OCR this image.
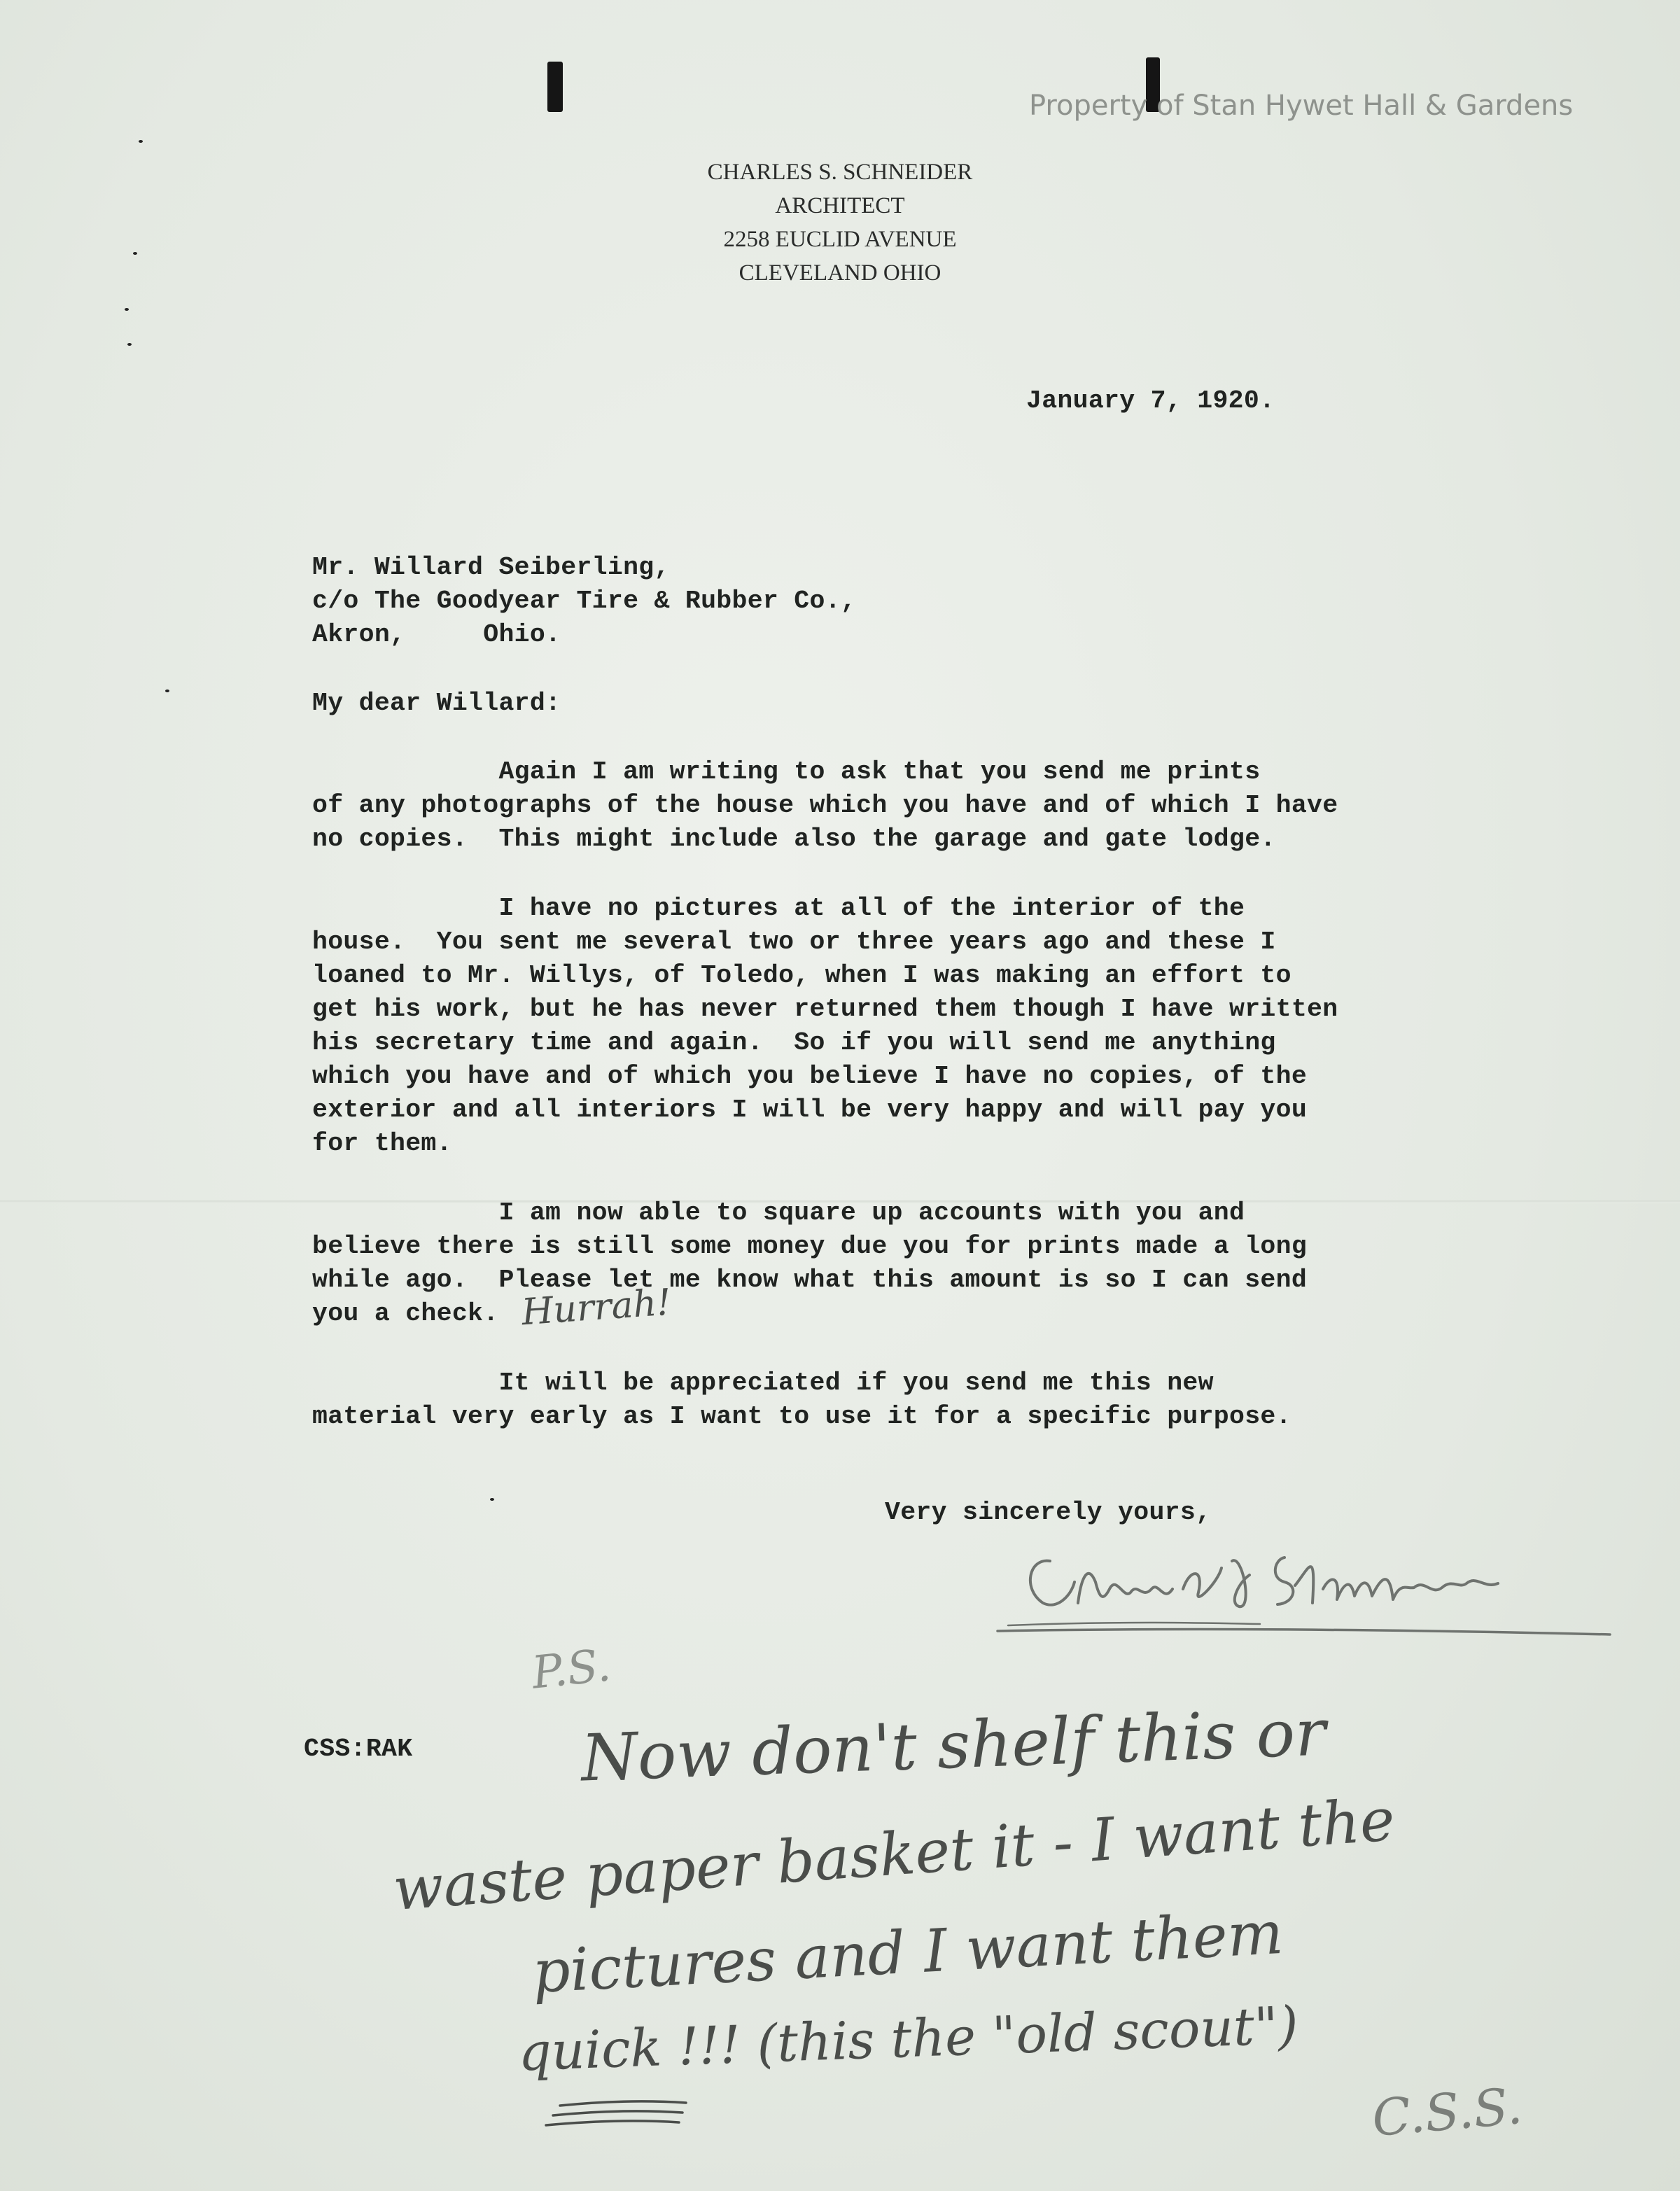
Property of Stan Hywet Hall & Gardens
CHARLES S. SCHNEIDER
ARCHITECT
2258 EUCLID AVENUE
CLEVELAND OHIO
January 7, 1920.
Mr. Willard Seiberling,
c/o The Goodyear Tire & Rubber Co.,
Akron,     Ohio.
My dear Willard:
Again I am writing to ask that you send me prints
of any photographs of the house which you have and of which I have
no copies.  This might include also the garage and gate lodge.
I have no pictures at all of the interior of the
house.  You sent me several two or three years ago and these I
loaned to Mr. Willys, of Toledo, when I was making an effort to
get his work, but he has never returned them though I have written
his secretary time and again.  So if you will send me anything
which you have and of which you believe I have no copies, of the
exterior and all interiors I will be very happy and will pay you
for them.
I am now able to square up accounts with you and
believe there is still some money due you for prints made a long
while ago.  Please let me know what this amount is so I can send
you a check. Hurrah!
It will be appreciated if you send me this new
material very early as I want to use it for a specific purpose.
Very sincerely yours,
CSS:RAK
P.S.
Now don't shelf this or
waste paper basket it - I want the
pictures and I want them
quick !!! (this the "old scout")
C.S.S.
